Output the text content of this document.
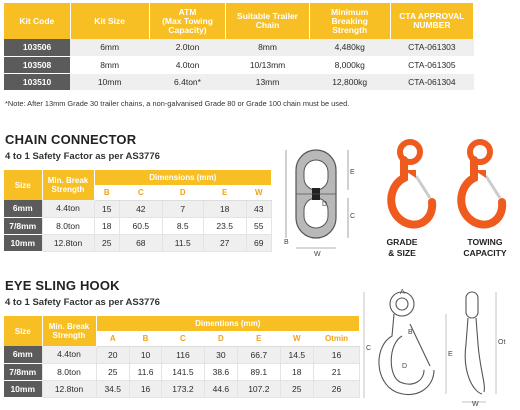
Kit Code	Kit Size	ATM
(Max Towing
Capacity)	Suitable Trailer
Chain	Minimum
Breaking
Strength	CTA APPROVAL
NUMBER
103506	6mm	2.0ton	8mm	4,480kg	CTA-061303
103508	8mm	4.0ton	10/13mm	8,000kg	CTA-061305
103510	10mm	6.4ton*	13mm	12,800kg	CTA-061304
*Note: After 13mm Grade 30 trailer chains, a non-galvanised Grade 80 or Grade 100 chain must be used.
CHAIN CONNECTOR
4 to 1 Safety Factor as per AS3776
Size	Min. Break Strength	Dimensions (mm)				
		B	C	D	E	W
6mm	4.4ton	15	42	7	18	43
7/8mm	8.0ton	18	60.5	8.5	23.5	55
10mm	12.8ton	25	68	11.5	27	69
E
C
D
B
W
GRADE
& SIZE
TOWING
CAPACITY
EYE SLING HOOK
4 to 1 Safety Factor as per AS3776
Size	Min. Break Strength	Dimentions (mm)						
		A	B	C	D	E	W	Otmin
6mm	4.4ton	20	10	116	30	66.7	14.5	16
7/8mm	8.0ton	25	11.6	141.5	38.6	89.1	18	21
10mm	12.8ton	34.5	16	173.2	44.6	107.2	25	26
A
B
C
D
E
W
Ot
